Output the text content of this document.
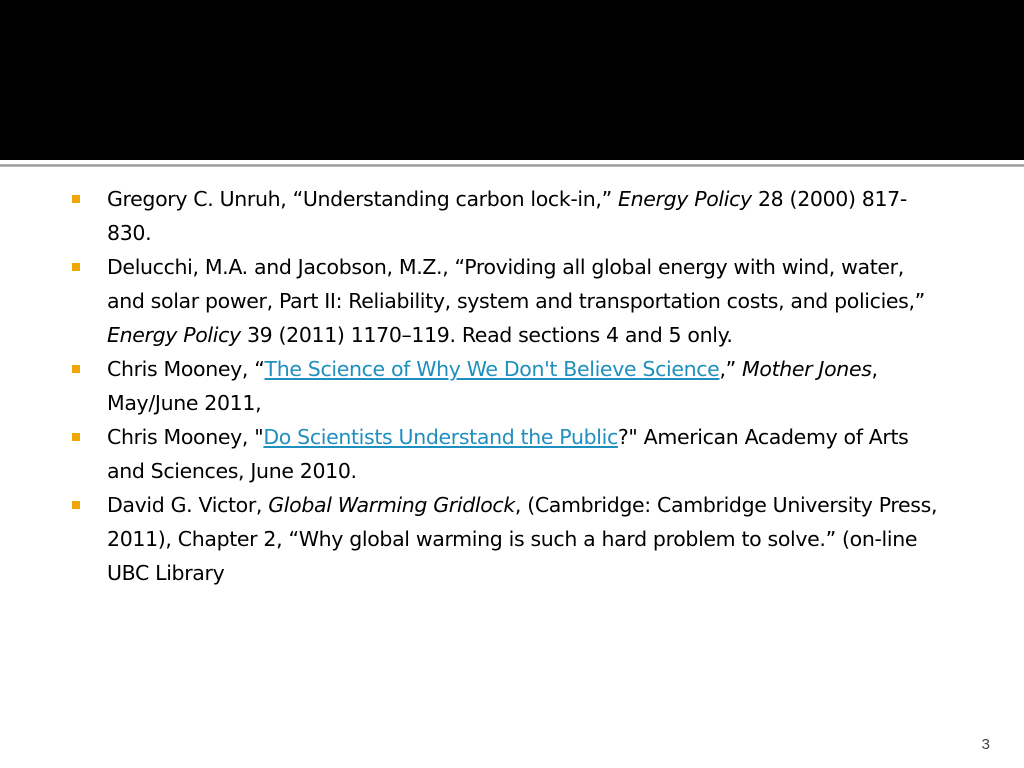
Gregory C. Unruh, “Understanding carbon lock-in,” Energy Policy 28 (2000) 817-830.
Delucchi, M.A. and Jacobson, M.Z., “Providing all global energy with wind, water, and solar power, Part II: Reliability, system and transportation costs, and policies,” Energy Policy 39 (2011) 1170–119. Read sections 4 and 5 only.
Chris Mooney, “The Science of Why We Don't Believe Science,” Mother Jones, May/June 2011,
Chris Mooney, "Do Scientists Understand the Public?" American Academy of Arts and Sciences, June 2010.
David G. Victor, Global Warming Gridlock, (Cambridge: Cambridge University Press, 2011), Chapter 2, “Why global warming is such a hard problem to solve.” (on-line UBC Library
3
